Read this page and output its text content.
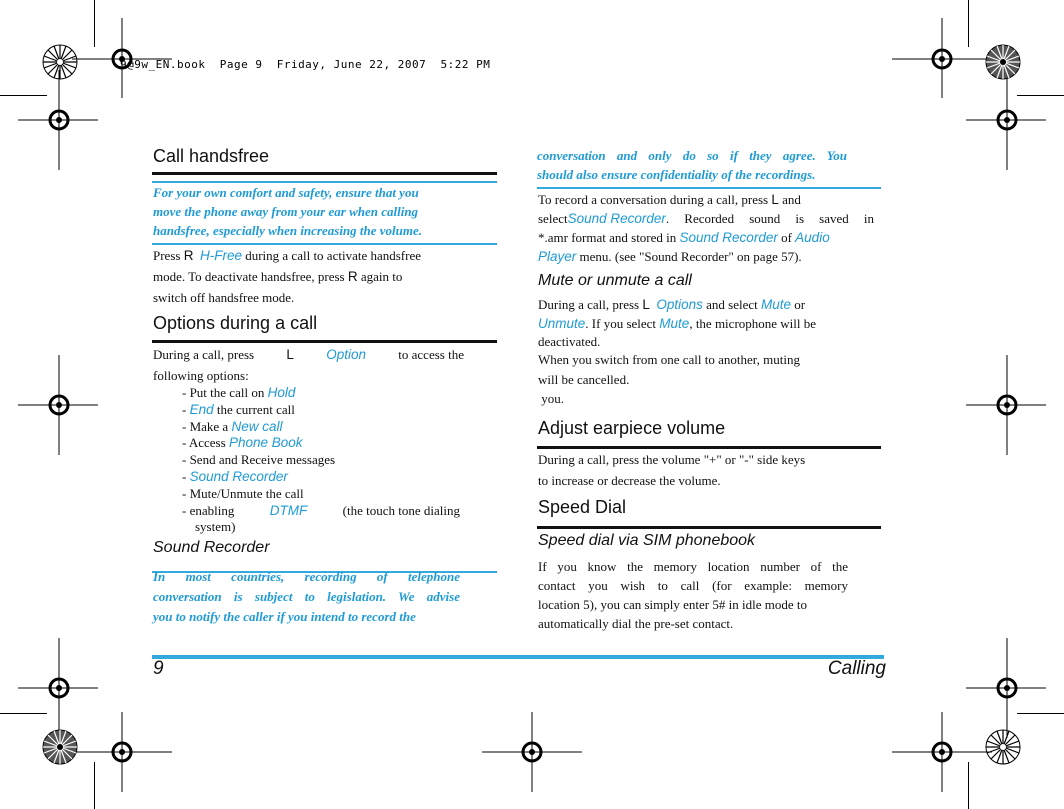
9@9w_EN.book  Page 9  Friday, June 22, 2007  5:22 PM
Call handsfree
For your own comfort and safety, ensure that you
move the phone away from your ear when calling
handsfree, especially when increasing the volume.
Press R H-Free during a call to activate handsfree
mode. To deactivate handsfree, press R again to
switch off handsfree mode.
Options during a call
During a call, press L Option to access the
following options:
- Put the call on Hold
- End the current call
- Make a New call
- Access Phone Book
- Send and Receive messages
- Sound Recorder
- Mute/Unmute the call
- enabling	DTMF	(the touch tone dialing
system)
Sound Recorder
In most countries, recording of telephone
conversation is subject to legislation. We advise
you to notify the caller if you intend to record the
conversation and only do so if they agree. You
should also ensure confidentiality of the recordings.
To record a conversation during a call, press L and
select Sound Recorder . Recorded sound is saved in
*.amr format and stored in Sound Recorder of Audio
Player menu. (see "Sound Recorder" on page 57).
Mute or unmute a call
During a call, press L Options and select Mute or
Unmute. If you select Mute, the microphone will be
deactivated.
When you switch from one call to another, muting
will be cancelled.
you.
Adjust earpiece volume
During a call, press the volume "+" or "-" side keys
to increase or decrease the volume.
Speed Dial
Speed dial via SIM phonebook
If you know the memory location number of the
contact you wish to call (for example: memory
location 5), you can simply enter 5# in idle mode to
automatically dial the pre-set contact.
9	Calling
